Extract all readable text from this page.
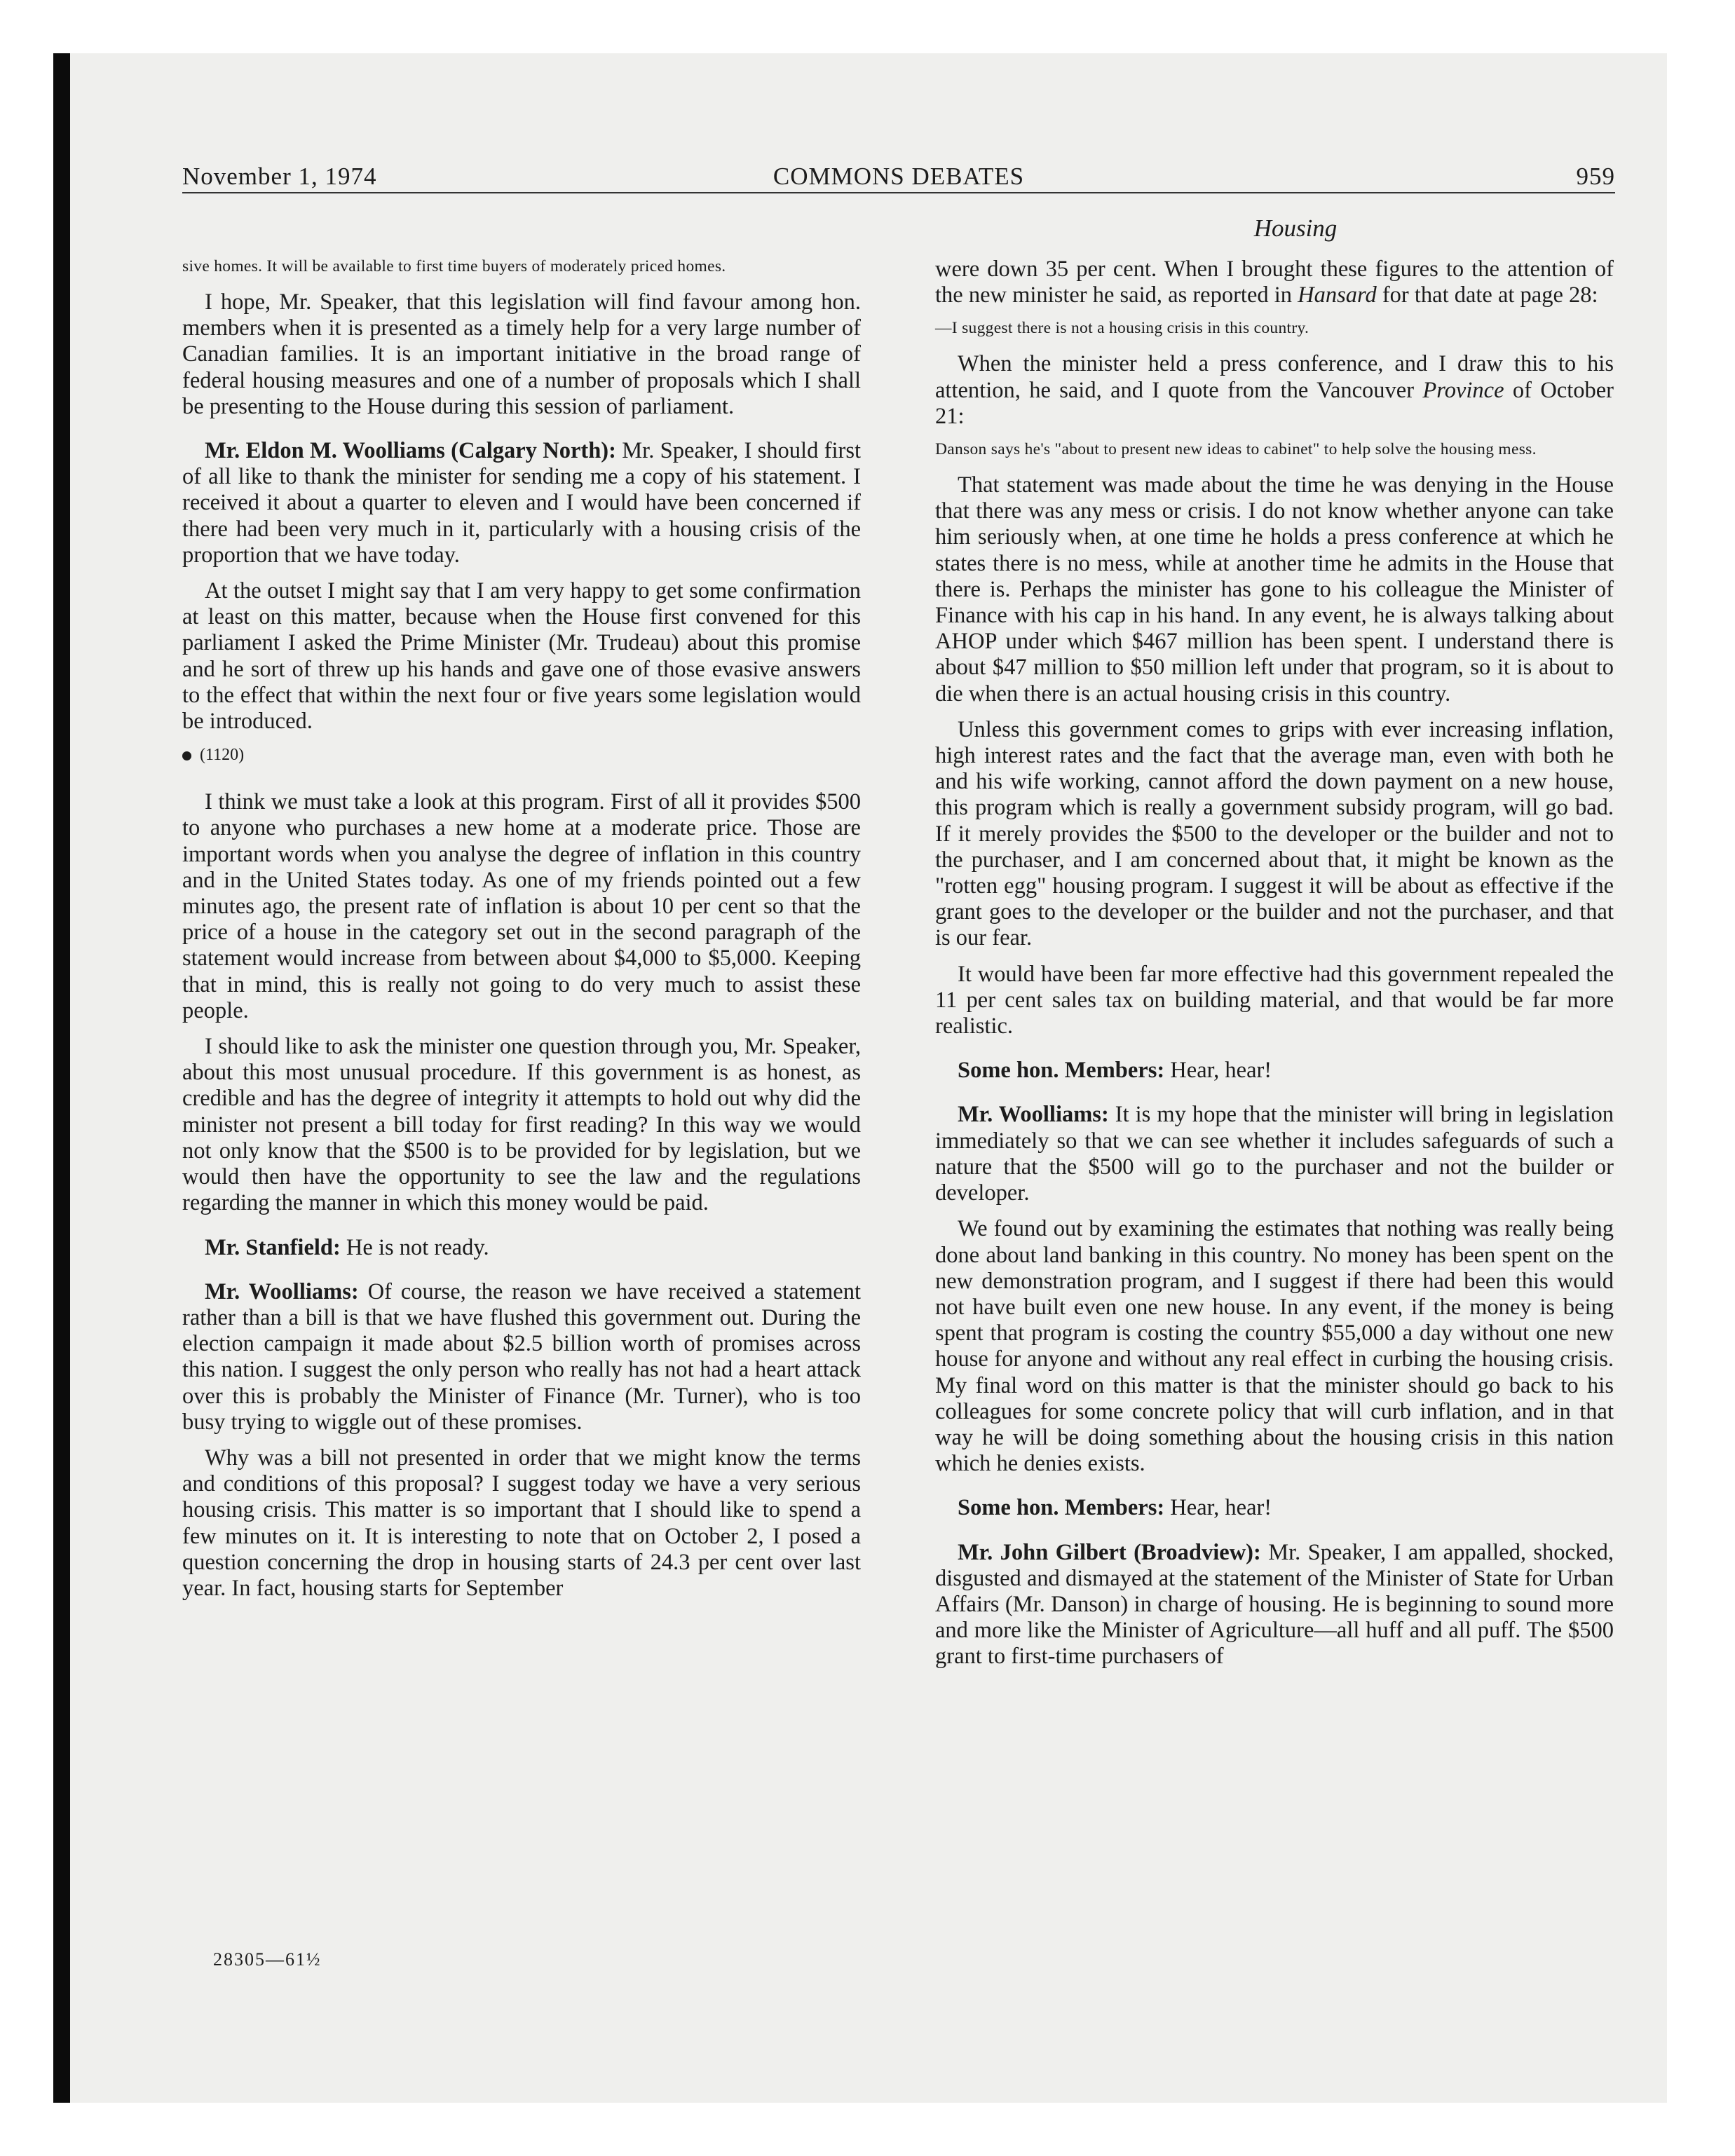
November 1, 1974	COMMONS DEBATES	959
Housing

sive homes. It will be available to first time buyers of moderately priced homes.

I hope, Mr. Speaker, that this legislation will find favour among hon. members when it is presented as a timely help for a very large number of Canadian families. It is an important initiative in the broad range of federal housing measures and one of a number of proposals which I shall be presenting to the House during this session of parliament.

Mr. Eldon M. Woolliams (Calgary North): Mr. Speaker, I should first of all like to thank the minister for sending me a copy of his statement. I received it about a quarter to eleven and I would have been concerned if there had been very much in it, particularly with a housing crisis of the proportion that we have today.

At the outset I might say that I am very happy to get some confirmation at least on this matter, because when the House first convened for this parliament I asked the Prime Minister (Mr. Trudeau) about this promise and he sort of threw up his hands and gave one of those evasive answers to the effect that within the next four or five years some legislation would be introduced.

(1120)

I think we must take a look at this program. First of all it provides $500 to anyone who purchases a new home at a moderate price. Those are important words when you analyse the degree of inflation in this country and in the United States today. As one of my friends pointed out a few minutes ago, the present rate of inflation is about 10 per cent so that the price of a house in the category set out in the second paragraph of the statement would increase from between about $4,000 to $5,000. Keeping that in mind, this is really not going to do very much to assist these people.

I should like to ask the minister one question through you, Mr. Speaker, about this most unusual procedure. If this government is as honest, as credible and has the degree of integrity it attempts to hold out why did the minister not present a bill today for first reading? In this way we would not only know that the $500 is to be provided for by legislation, but we would then have the opportunity to see the law and the regulations regarding the manner in which this money would be paid.

Mr. Stanfield: He is not ready.

Mr. Woolliams: Of course, the reason we have received a statement rather than a bill is that we have flushed this government out. During the election campaign it made about $2.5 billion worth of promises across this nation. I suggest the only person who really has not had a heart attack over this is probably the Minister of Finance (Mr. Turner), who is too busy trying to wiggle out of these promises.

Why was a bill not presented in order that we might know the terms and conditions of this proposal? I suggest today we have a very serious housing crisis. This matter is so important that I should like to spend a few minutes on it. It is interesting to note that on October 2, I posed a question concerning the drop in housing starts of 24.3 per cent over last year. In fact, housing starts for September

were down 35 per cent. When I brought these figures to the attention of the new minister he said, as reported in Hansard for that date at page 28:

—I suggest there is not a housing crisis in this country.

When the minister held a press conference, and I draw this to his attention, he said, and I quote from the Vancouver Province of October 21:

Danson says he's "about to present new ideas to cabinet" to help solve the housing mess.

That statement was made about the time he was denying in the House that there was any mess or crisis. I do not know whether anyone can take him seriously when, at one time he holds a press conference at which he states there is no mess, while at another time he admits in the House that there is. Perhaps the minister has gone to his colleague the Minister of Finance with his cap in his hand. In any event, he is always talking about AHOP under which $467 million has been spent. I understand there is about $47 million to $50 million left under that program, so it is about to die when there is an actual housing crisis in this country.

Unless this government comes to grips with ever increasing inflation, high interest rates and the fact that the average man, even with both he and his wife working, cannot afford the down payment on a new house, this program which is really a government subsidy program, will go bad. If it merely provides the $500 to the developer or the builder and not to the purchaser, and I am concerned about that, it might be known as the "rotten egg" housing program. I suggest it will be about as effective if the grant goes to the developer or the builder and not the purchaser, and that is our fear.

It would have been far more effective had this government repealed the 11 per cent sales tax on building material, and that would be far more realistic.

Some hon. Members: Hear, hear!

Mr. Woolliams: It is my hope that the minister will bring in legislation immediately so that we can see whether it includes safeguards of such a nature that the $500 will go to the purchaser and not the builder or developer.

We found out by examining the estimates that nothing was really being done about land banking in this country. No money has been spent on the new demonstration program, and I suggest if there had been this would not have built even one new house. In any event, if the money is being spent that program is costing the country $55,000 a day without one new house for anyone and without any real effect in curbing the housing crisis. My final word on this matter is that the minister should go back to his colleagues for some concrete policy that will curb inflation, and in that way he will be doing something about the housing crisis in this nation which he denies exists.

Some hon. Members: Hear, hear!

Mr. John Gilbert (Broadview): Mr. Speaker, I am appalled, shocked, disgusted and dismayed at the statement of the Minister of State for Urban Affairs (Mr. Danson) in charge of housing. He is beginning to sound more and more like the Minister of Agriculture—all huff and all puff. The $500 grant to first-time purchasers of

28305—61½
